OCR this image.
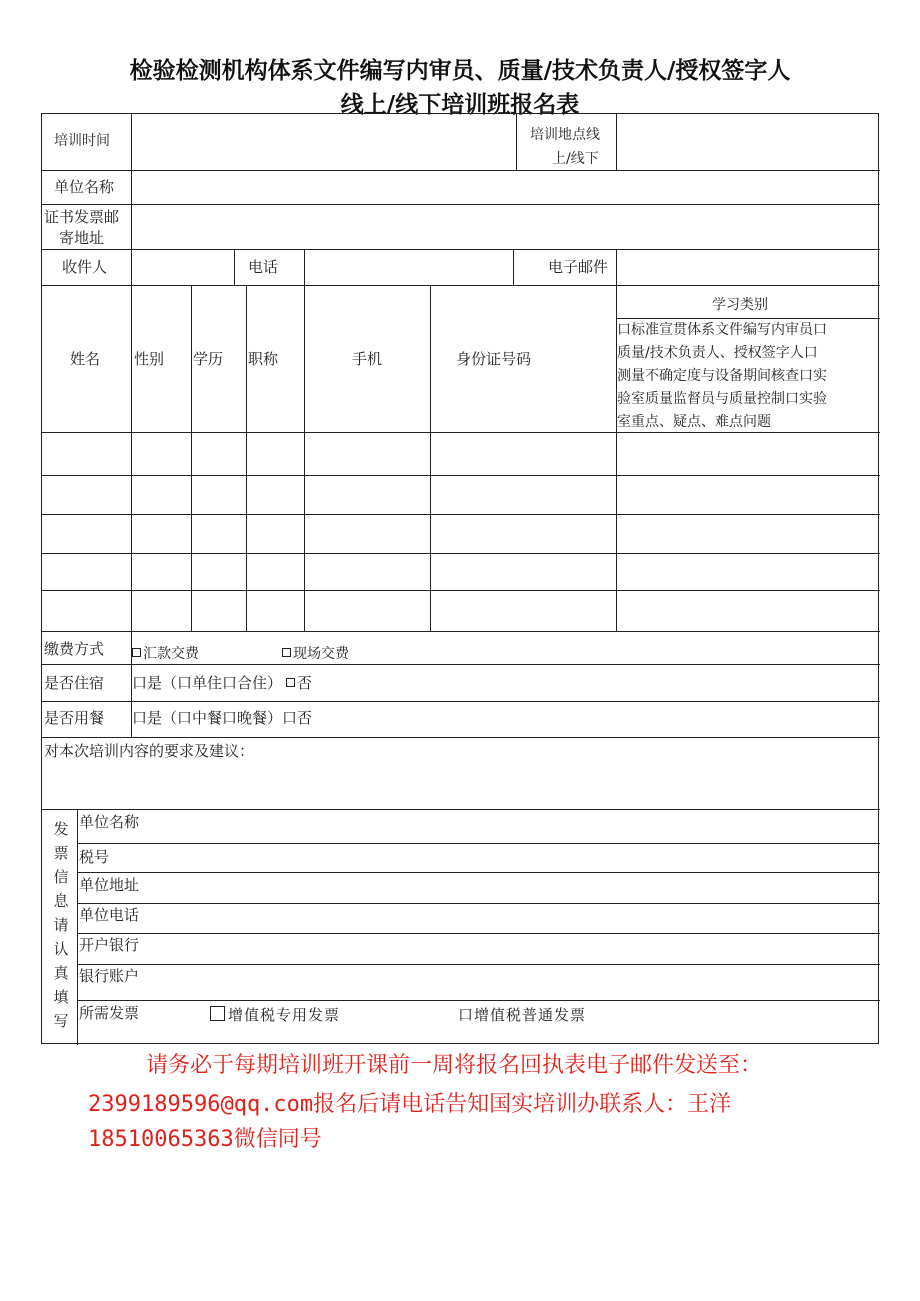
检验检测机构体系文件编写内审员、质量/技术负责人/授权签字人
线上/线下培训班报名表
培训时间	培训地点线
上/线下
单位名称
证书发票邮
寄地址
收件人	电话	电子邮件
姓名 性别 学历 职称	手机	身份证号码
学习类别
口标准宣贯体系文件编写内审员口
质量/技术负责人、授权签字人口
测量不确定度与设备期间核查口实
验室质量监督员与质量控制口实验
室重点、疑点、难点问题
缴费方式	汇款交费	现场交费
是否住宿 口是（口单住口合住） 否
是否用餐 口是（口中餐口晚餐）口否
对本次培训内容的要求及建议：
发
票
信
息
请
认
真
填
写
单位名称
税号
单位地址
单位电话
开户银行
银行账户
所需发票	增值税专用发票	口增值税普通发票
请务必于每期培训班开课前一周将报名回执表电子邮件发送至：
2399189596@qq.com报名后请电话告知国实培训办联系人：王洋
18510065363微信同号
